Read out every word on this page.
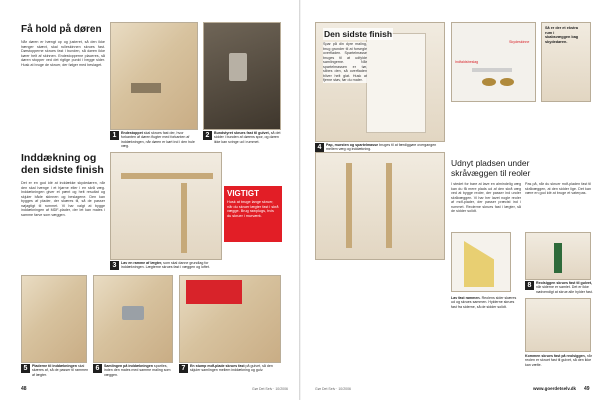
Få hold på døren
Når døren er hængt op og justeret, så den ikke hænger skævt, skal rulleskinnen skrues fast. Dørstopperne skrues fast i bunden, så døren ikke kører helt af skinnen. Endestopperne placeres, så døren stopper ved det rigtige punkt i begge sider. Husk at bruge de skruer, der følger med beslaget.
1	Endestoppet skal skrues fast der, hvor forkanten af døren flugter med forkanten af inddækningen, når døren er kørt ind i den hule væg.
2	Bundstyret skrues fast til gulvet, så det sidder i bunden af dørens spor, og døren ikke kan svinge ud i rummet.
Inddækning og den sidste finish
Det er en god idé at inddække skydedøren, når den skal hænge i et hjørne eller i en skrå væg. Inddækningen giver et pænt og helt resultat og skjuler både skinnen og beslagene. Den kan bygges af plader, der skæres til, så de passer nøjagtigt til rummet. Vi har valgt at bygge inddækningen af MDF-plader, der let kan males i samme farve som væggen.
VIGTIGT
Husk at bruge lange skruer, når du skruer lægter fast i skrå vægge. Brug rawplugs, hvis du skruer i murværk.
3	Lav en ramme af lægter, som skal danne grundlag for inddækningen. Lægterne skrues fast i væggen og loftet.
5	Pladerne til inddækningen skal skæres af, så de passer til rammen af lægter.
6	Samlingen på inddækningen spartles, inden den males med samme maling som væggen.
7	En stump mdf-plade skrues fast på gulvet, så den skjuler samlingen mellem inddækning og gulv.
48	Gør Det Selv · 10/2006
4	Pap, mursten og spartelmasse bruges til at færdiggøre overgangen mellem væg og inddækning.
Den sidste finish
Spar på din dyre maling, brug grunder til at forsegle overfladen. Spartelmasse bruges til at udfylde samlingerne. Når spartelmassen er tør, slibes den, så overfladen bliver helt glat. Husk at fjerne støv, før du maler.
Skydeskinne
Indfaldsbeslag
Så er der et ekstra rum i skabsvæggen bag skydedøren.
Udnyt pladsen under skråvæggen til reoler
I stedet for bare at lave en almindelig væg kan du få mere plads ud af den skrå væg ved at bygge reoler, der passer ind under skråvæggen. Vi har her lavet nogle reoler af mdf-plader, der passer præcist ind i rummet. Reolerne skrues fast i lægter, så de sidder solidt.
Lav fast rammen. Reolens sider skæres ud og skrues sammen. Hylderne skrues fast fra siderne, så de sidder solidt.
Pas på, når du skruer mdf-pladen fast til skråvæggen, at den sidder lige. Det kan være en god idé at bruge et vaterpas.
8	Reolsiggen skrues fast til gulvet, når siderne er samlet. Det er ikke nødvendigt at skrue alle hylder fast.
Kommen skrues fast på reolsiggen, når reolen er skruet fast til gulvet, så den ikke kan vælte.
Gør Det Selv · 10/2006	www.goerdetselv.dk 49
